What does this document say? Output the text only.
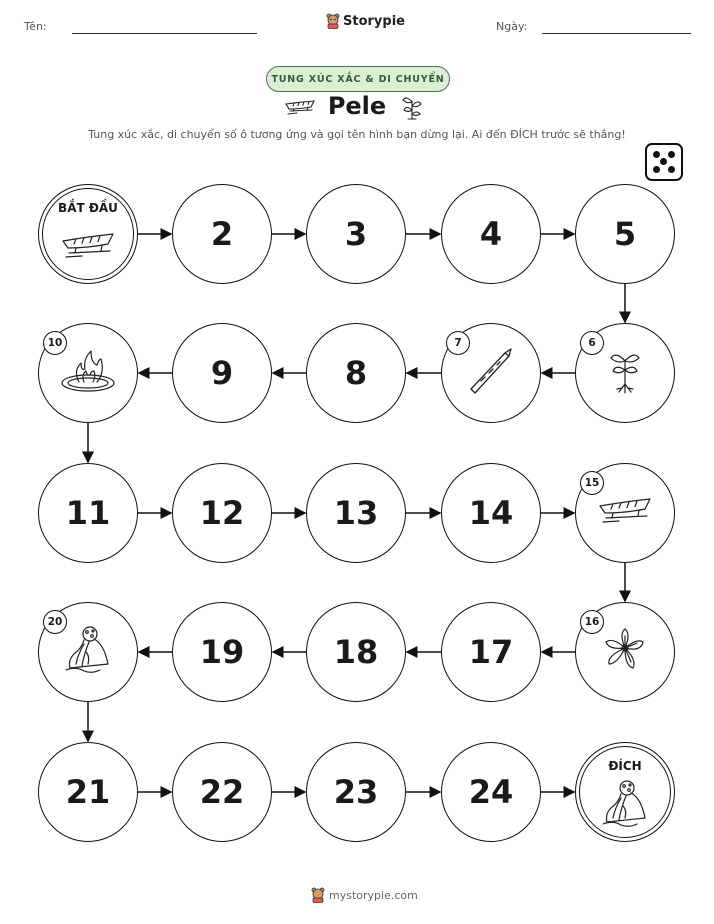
Tên:	Storypie	Ngày:
TUNG XÚC XẮC & DI CHUYỂN
Pele
Tung xúc xắc, di chuyển số ô tương ứng và gọi tên hình bạn dừng lại. Ai đến ĐÍCH trước sẽ thắng!
BẮT ĐẦU
2	3	4	5
6
7
8
9
10
11	12	13	14
15
16
17
18
19
20
21	22	23	24
ĐÍCH
mystorypie.com
